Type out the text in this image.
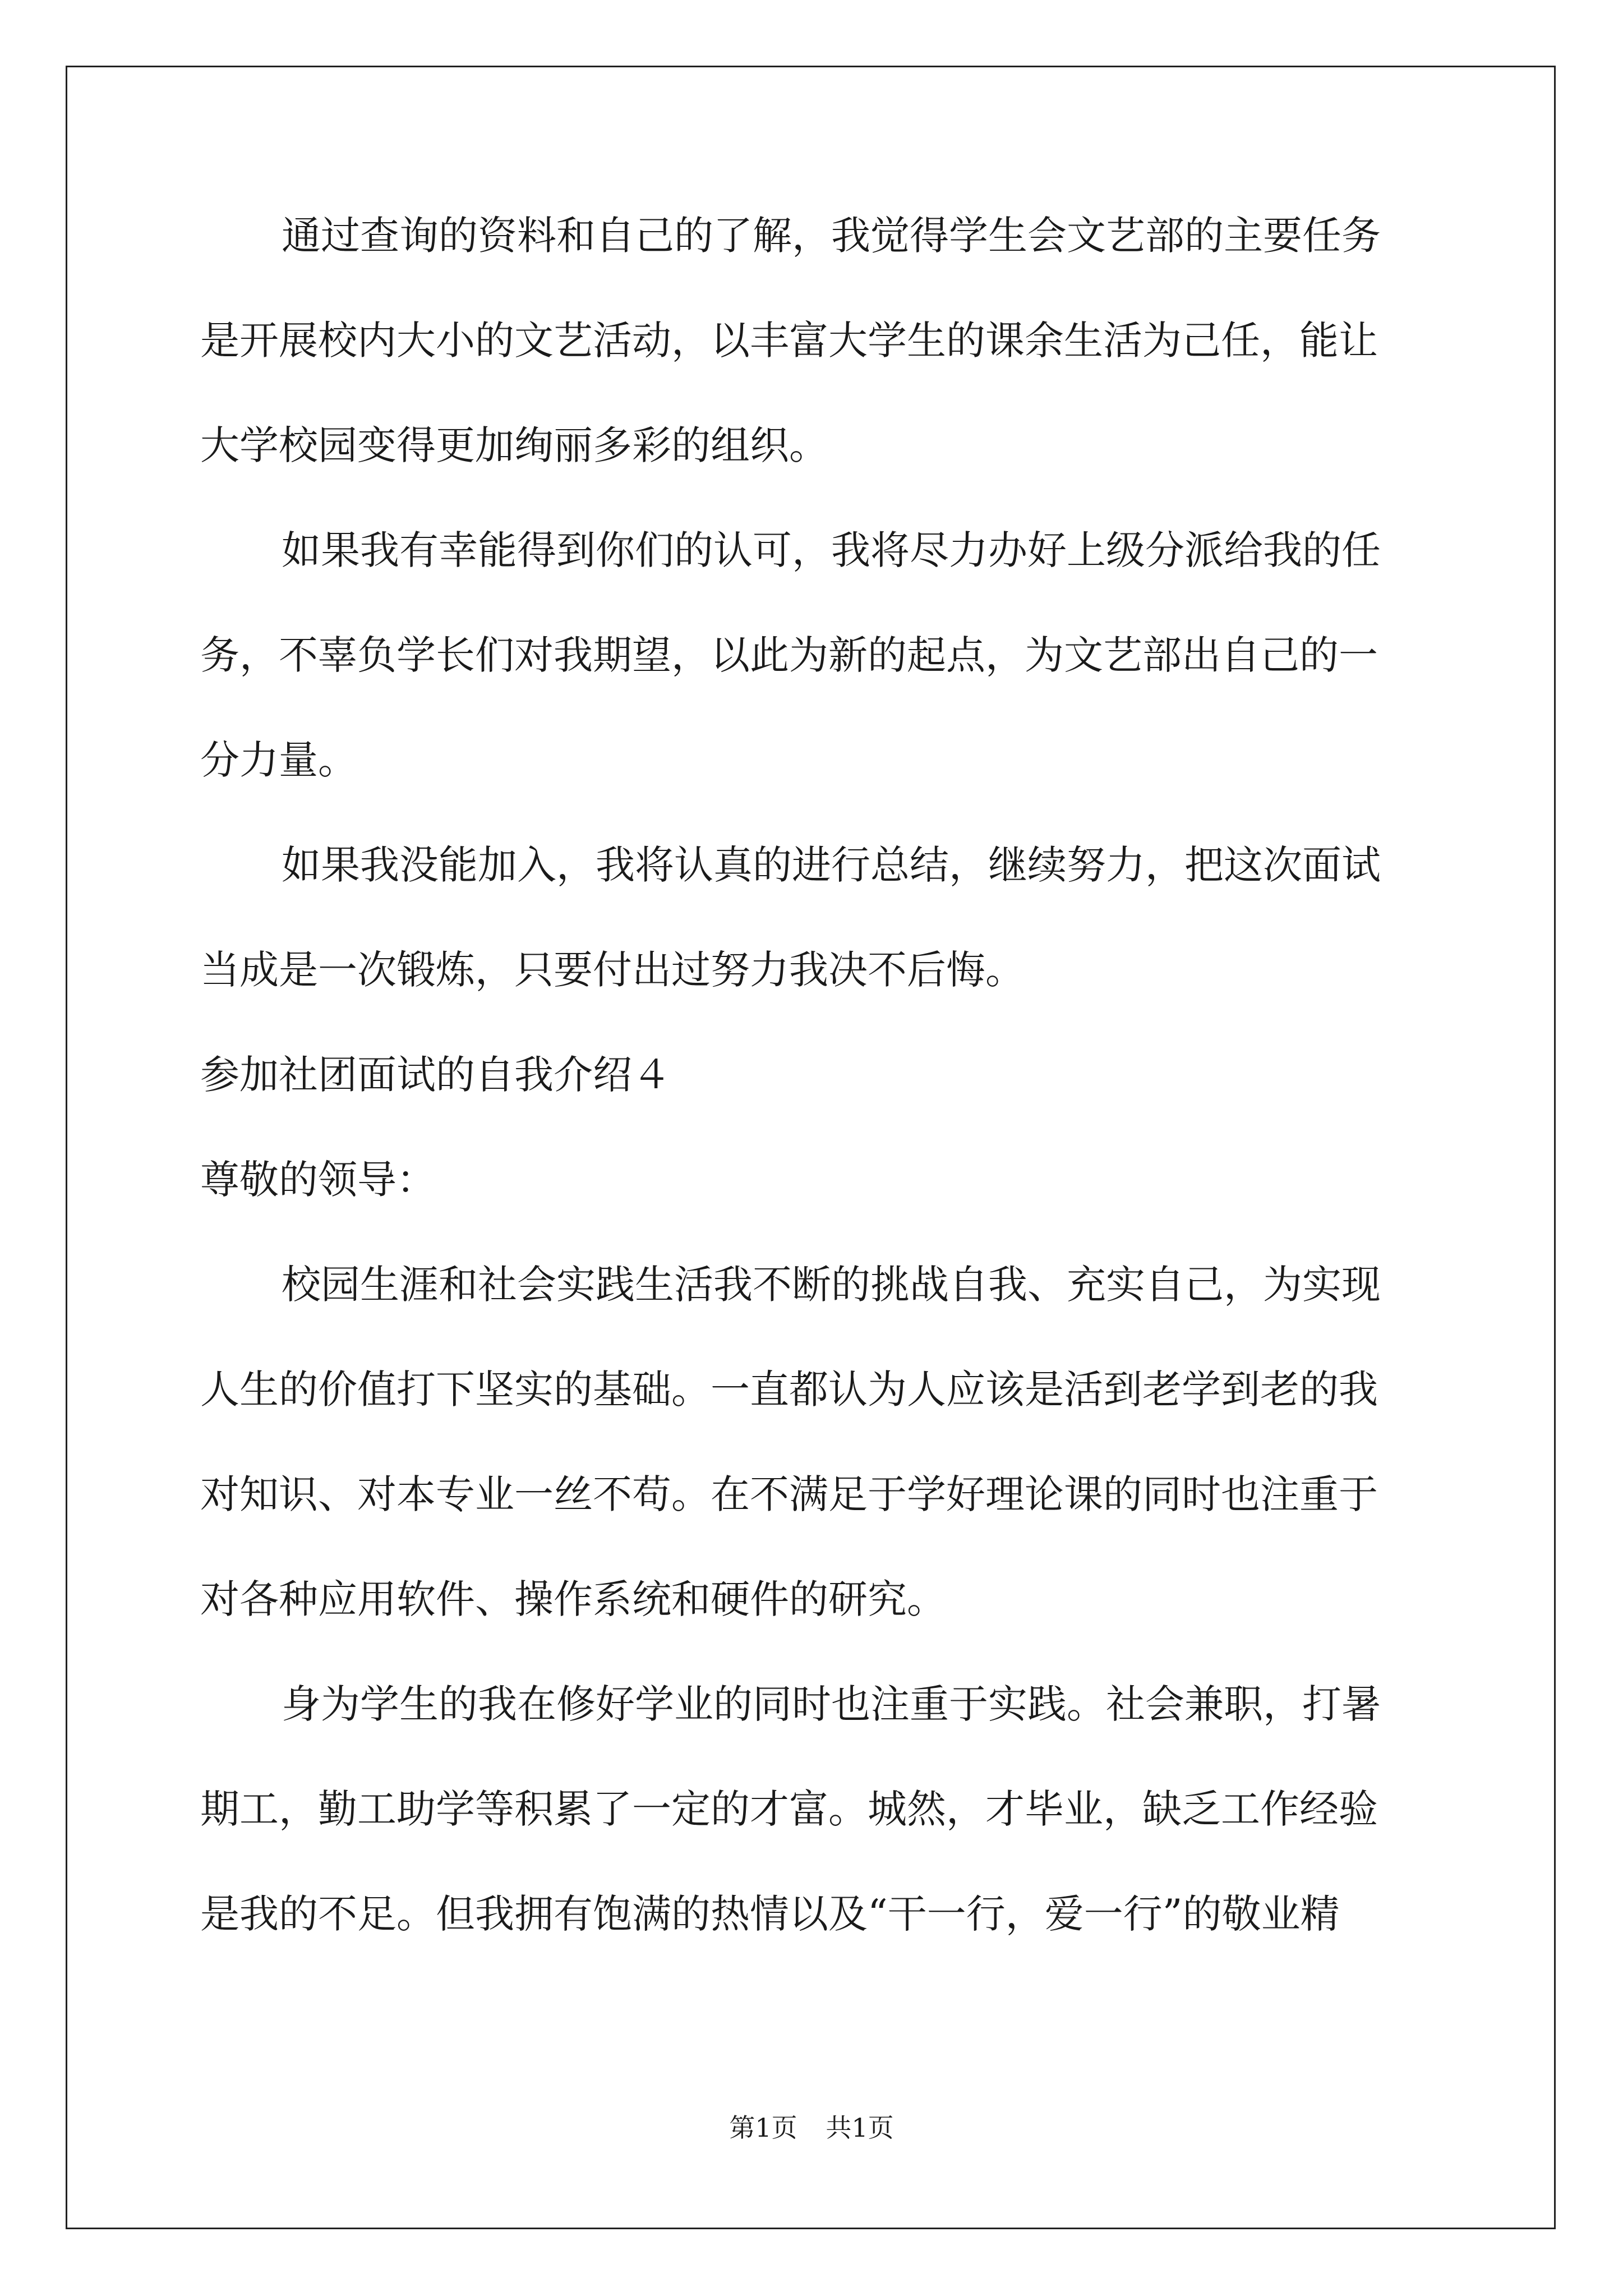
通过查询的资料和自己的了解，我觉得学生会文艺部的主要任务
是开展校内大小的文艺活动，以丰富大学生的课余生活为己任，能让
大学校园变得更加绚丽多彩的组织。
如果我有幸能得到你们的认可，我将尽力办好上级分派给我的任
务，不辜负学长们对我期望，以此为新的起点，为文艺部出自己的一
分力量。
如果我没能加入，我将认真的进行总结，继续努力，把这次面试
当成是一次锻炼，只要付出过努力我决不后悔。
参加社团面试的自我介绍４
尊敬的领导：
校园生涯和社会实践生活我不断的挑战自我、充实自己，为实现
人生的价值打下坚实的基础。一直都认为人应该是活到老学到老的我
对知识、对本专业一丝不苟。在不满足于学好理论课的同时也注重于
对各种应用软件、操作系统和硬件的研究。
身为学生的我在修好学业的同时也注重于实践。社会兼职，打暑
期工，勤工助学等积累了一定的才富。城然，才毕业，缺乏工作经验
是我的不足。但我拥有饱满的热情以及“干一行，爱一行”的敬业精
第1页 共1页
